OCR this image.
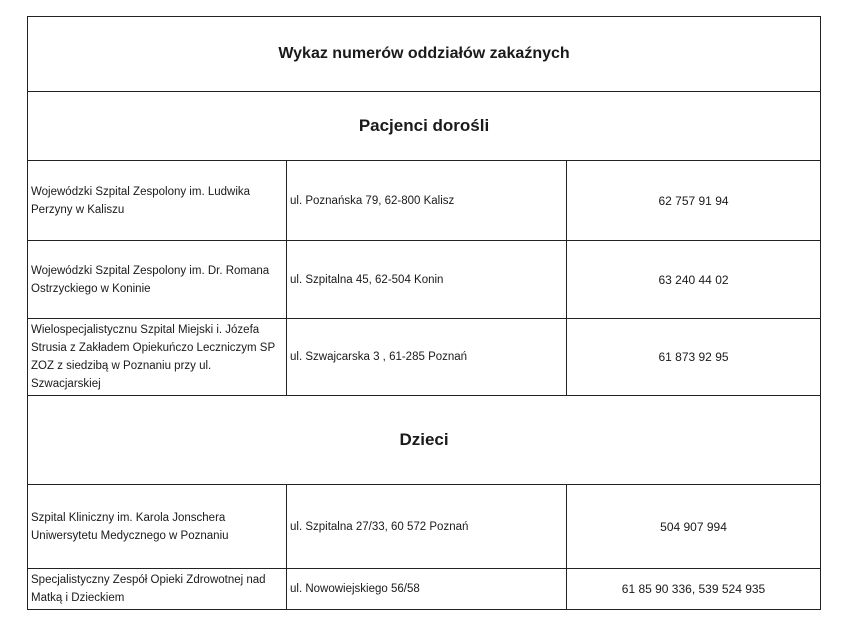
Wykaz numerów oddziałów zakaźnych		
Pacjenci dorośli		
Wojewódzki Szpital Zespolony im. Ludwika Perzyny w Kaliszu	ul. Poznańska 79, 62-800 Kalisz	62 757 91 94
Wojewódzki Szpital Zespolony im. Dr. Romana Ostrzyckiego w Koninie	ul. Szpitalna 45, 62-504 Konin	63 240 44 02
Wielospecjalistycznu Szpital Miejski i. Józefa Strusia z Zakładem Opiekuńczo Leczniczym SP ZOZ z siedzibą w Poznaniu przy ul. Szwacjarskiej	ul. Szwajcarska 3 , 61-285 Poznań	61 873 92 95
Dzieci		
Szpital Kliniczny im. Karola Jonschera Uniwersytetu Medycznego w Poznaniu	ul. Szpitalna 27/33, 60 572 Poznań	504 907 994
Specjalistyczny Zespół Opieki Zdrowotnej nad Matką i Dzieckiem	ul. Nowowiejskiego 56/58	61 85 90 336, 539 524 935
